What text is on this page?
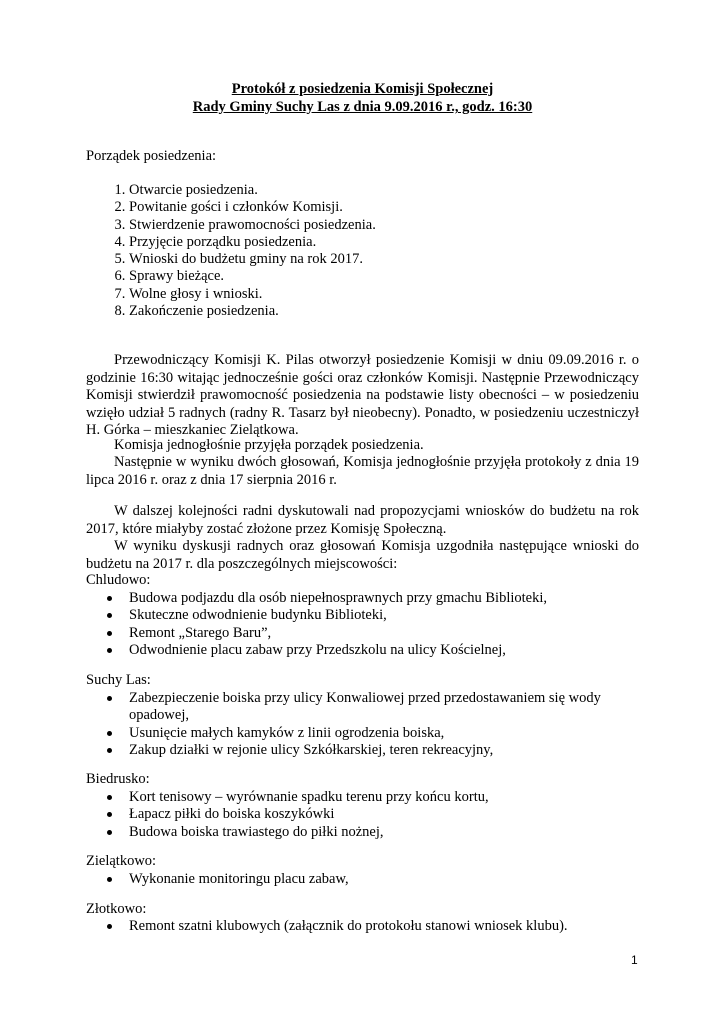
Protokół z posiedzenia Komisji Społecznej
Rady Gminy Suchy Las z dnia 9.09.2016 r., godz. 16:30
Porządek posiedzenia:
1. Otwarcie posiedzenia.
2. Powitanie gości i członków Komisji.
3. Stwierdzenie prawomocności posiedzenia.
4. Przyjęcie porządku posiedzenia.
5. Wnioski do budżetu gminy na rok 2017.
6. Sprawy bieżące.
7. Wolne głosy i wnioski.
8. Zakończenie posiedzenia.

Przewodniczący Komisji K. Pilas otworzył posiedzenie Komisji w dniu 09.09.2016 r. o godzinie 16:30 witając jednocześnie gości oraz członków Komisji. Następnie Przewodniczący Komisji stwierdził prawomocność posiedzenia na podstawie listy obecności – w posiedzeniu wzięło udział 5 radnych (radny R. Tasarz był nieobecny). Ponadto, w posiedzeniu uczestniczył H. Górka – mieszkaniec Zielątkowa.

Komisja jednogłośnie przyjęła porządek posiedzenia.

Następnie w wyniku dwóch głosowań, Komisja jednogłośnie przyjęła protokoły z dnia 19 lipca 2016 r. oraz z dnia 17 sierpnia 2016 r.

W dalszej kolejności radni dyskutowali nad propozycjami wniosków do budżetu na rok 2017, które miałyby zostać złożone przez Komisję Społeczną.

W wyniku dyskusji radnych oraz głosowań Komisja uzgodniła następujące wnioski do budżetu na 2017 r. dla poszczególnych miejscowości:

Chludowo:
Budowa podjazdu dla osób niepełnosprawnych przy gmachu Biblioteki,
Skuteczne odwodnienie budynku Biblioteki,
Remont „Starego Baru”,
Odwodnienie placu zabaw przy Przedszkolu na ulicy Kościelnej,
Suchy Las:
Zabezpieczenie boiska przy ulicy Konwaliowej przed przedostawaniem się wody opadowej,
Usunięcie małych kamyków z linii ogrodzenia boiska,
Zakup działki w rejonie ulicy Szkółkarskiej, teren rekreacyjny,
Biedrusko:
Kort tenisowy – wyrównanie spadku terenu przy końcu kortu,
Łapacz piłki do boiska koszykówki
Budowa boiska trawiastego do piłki nożnej,
Zielątkowo:
Wykonanie monitoringu placu zabaw,
Złotkowo:
Remont szatni klubowych (załącznik do protokołu stanowi wniosek klubu).
1
